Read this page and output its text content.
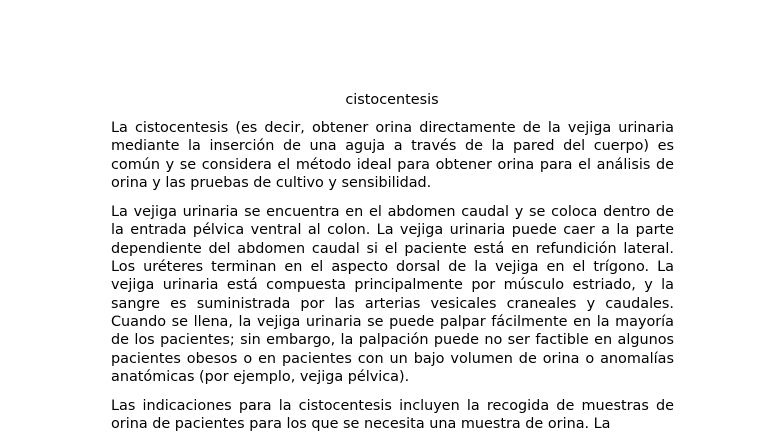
cistocentesis

La cistocentesis (es decir, obtener orina directamente de la vejiga urinaria mediante la inserción de una aguja a través de la pared del cuerpo) es común y se considera el método ideal para obtener orina para el análisis de orina y las pruebas de cultivo y sensibilidad.

La vejiga urinaria se encuentra en el abdomen caudal y se coloca dentro de la entrada pélvica ventral al colon. La vejiga urinaria puede caer a la parte dependiente del abdomen caudal si el paciente está en refundición lateral. Los uréteres terminan en el aspecto dorsal de la vejiga en el trígono. La vejiga urinaria está compuesta principalmente por músculo estriado, y la sangre es suministrada por las arterias vesicales craneales y caudales. Cuando se llena, la vejiga urinaria se puede palpar fácilmente en la mayoría de los pacientes; sin embargo, la palpación puede no ser factible en algunos pacientes obesos o en pacientes con un bajo volumen de orina o anomalías anatómicas (por ejemplo, vejiga pélvica).

Las indicaciones para la cistocentesis incluyen la recogida de muestras de orina de pacientes para los que se necesita una muestra de orina. La
